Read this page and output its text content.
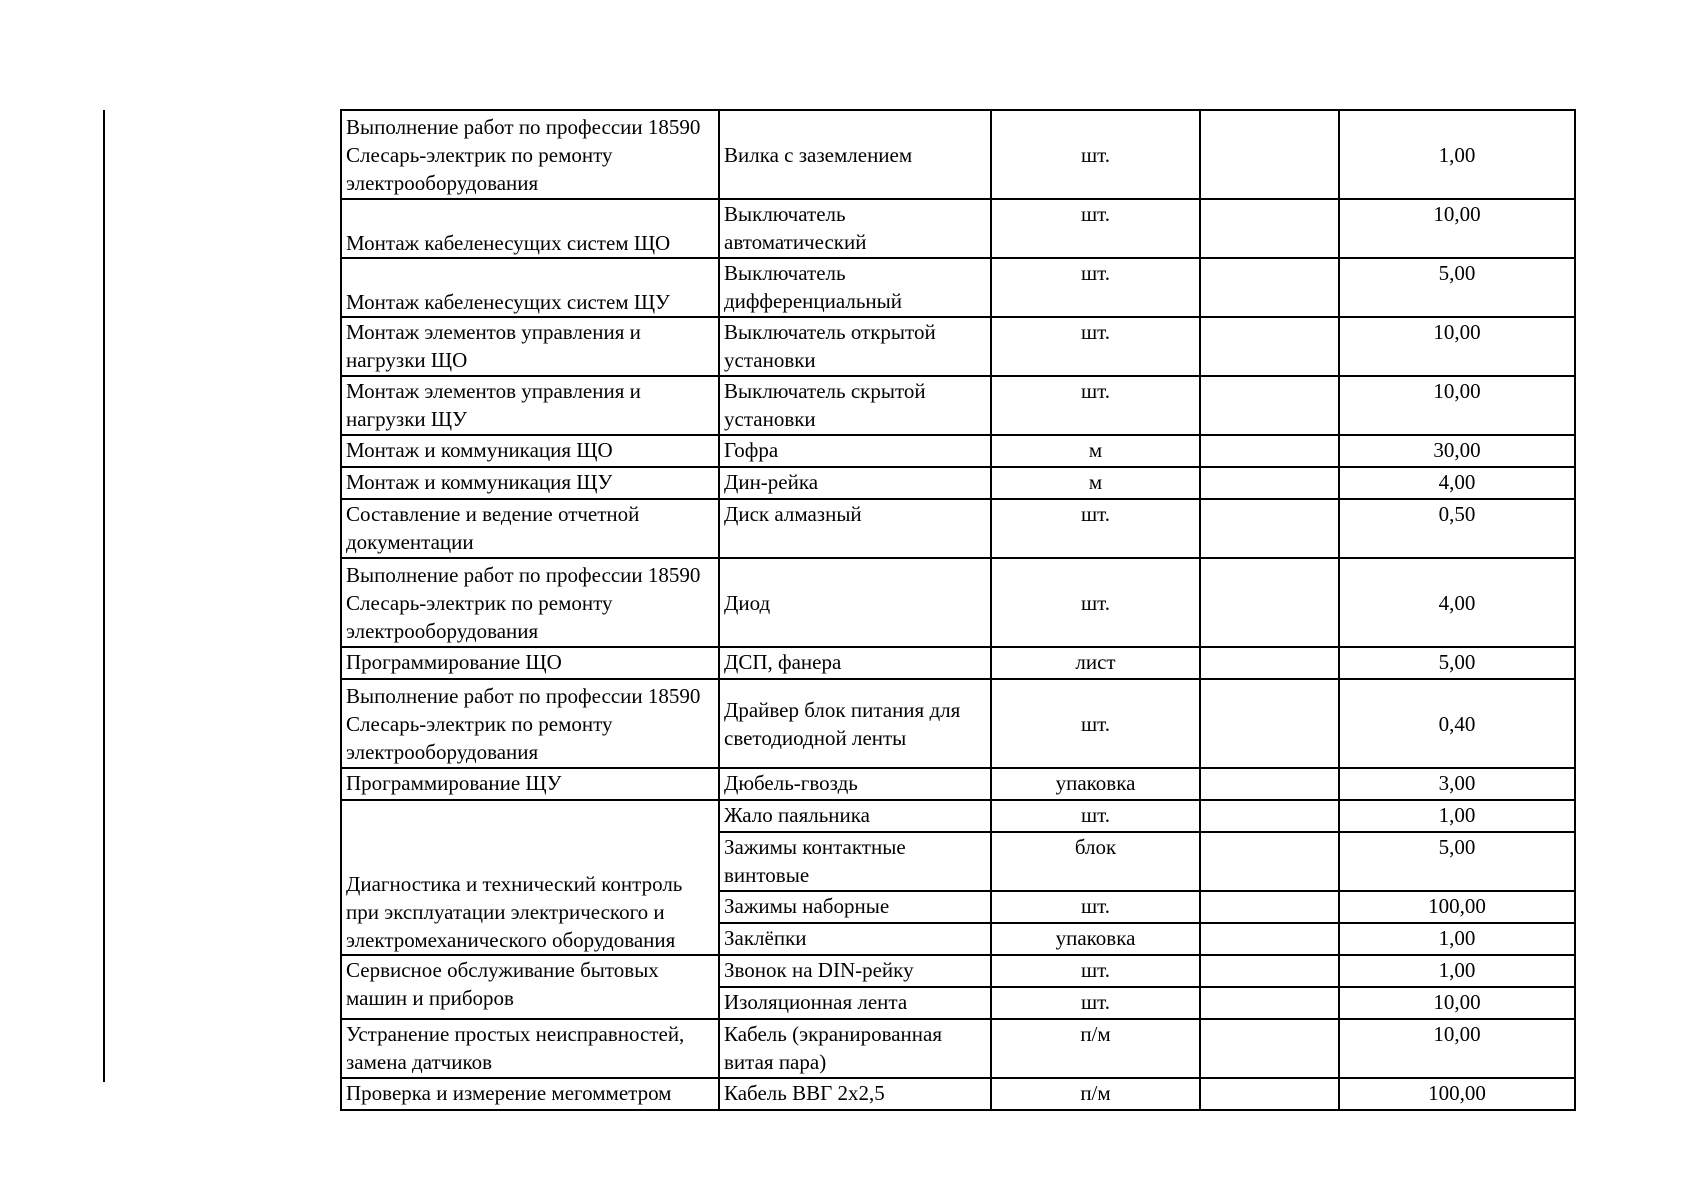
Выполнение работ по профессии 18590 Слесарь-электрик по ремонту электрооборудования	Вилка с заземлением	шт.		1,00
Монтаж кабеленесущих систем ЩО	Выключатель автоматический	шт.		10,00
Монтаж кабеленесущих систем ЩУ	Выключатель дифференциальный	шт.		5,00
Монтаж элементов управления и нагрузки ЩО	Выключатель открытой установки	шт.		10,00
Монтаж элементов управления и нагрузки ЩУ	Выключатель скрытой установки	шт.		10,00
Монтаж и коммуникация ЩО	Гофра	м		30,00
Монтаж и коммуникация ЩУ	Дин-рейка	м		4,00
Составление и ведение отчетной документации	Диск алмазный	шт.		0,50
Выполнение работ по профессии 18590 Слесарь-электрик по ремонту электрооборудования	Диод	шт.		4,00
Программирование ЩО	ДСП, фанера	лист		5,00
Выполнение работ по профессии 18590 Слесарь-электрик по ремонту электрооборудования	Драйвер блок питания для светодиодной ленты	шт.		0,40
Программирование ЩУ	Дюбель-гвоздь	упаковка		3,00
Диагностика и технический контроль при эксплуатации электрического и электромеханического оборудования	Жало паяльника	шт.		1,00
	Зажимы контактные винтовые	блок		5,00
	Зажимы наборные	шт.		100,00
	Заклёпки	упаковка		1,00
Сервисное обслуживание бытовых машин и приборов	Звонок на DIN-рейку	шт.		1,00
	Изоляционная лента	шт.		10,00
Устранение простых неисправностей, замена датчиков	Кабель (экранированная витая пара)	п/м		10,00
Проверка и измерение мегомметром	Кабель ВВГ 2х2,5	п/м		100,00
